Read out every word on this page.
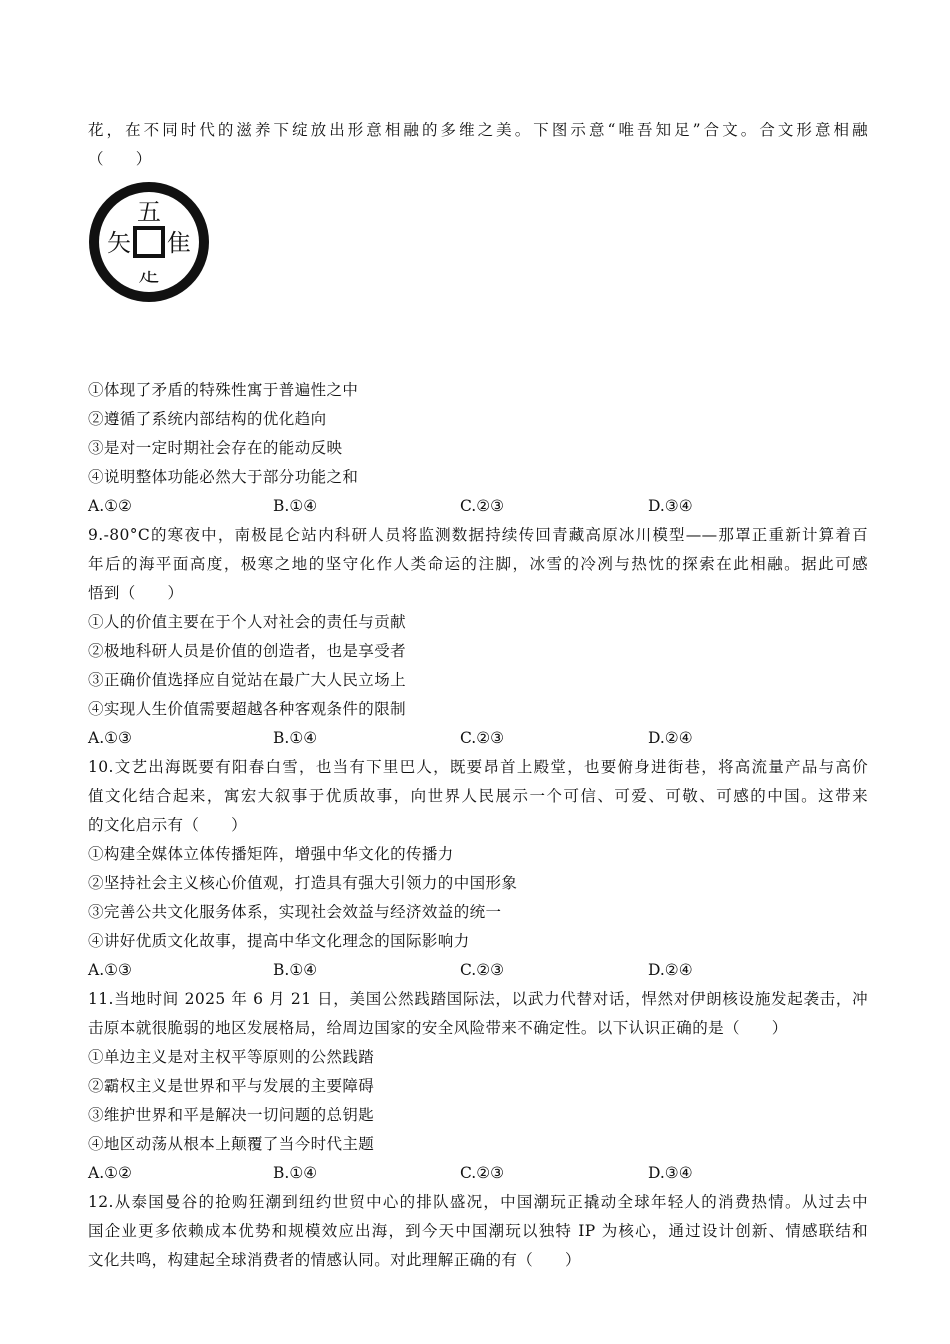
花，在不同时代的滋养下绽放出形意相融的多维之美。下图示意“唯吾知足”合文。合文形意相融
（　　）
五
隹
矢
龰
①体现了矛盾的特殊性寓于普遍性之中
②遵循了系统内部结构的优化趋向
③是对一定时期社会存在的能动反映
④说明整体功能必然大于部分功能之和
A.①②	B.①④	C.②③	D.③④
9.-80°C的寒夜中，南极昆仑站内科研人员将监测数据持续传回青藏高原冰川模型——那罩正重新计算着百
年后的海平面高度，极寒之地的坚守化作人类命运的注脚，冰雪的冷冽与热忱的探索在此相融。据此可感
悟到（　　）
①人的价值主要在于个人对社会的责任与贡献
②极地科研人员是价值的创造者，也是享受者
③正确价值选择应自觉站在最广大人民立场上
④实现人生价值需要超越各种客观条件的限制
A.①③	B.①④	C.②③	D.②④
10.文艺出海既要有阳春白雪，也当有下里巴人，既要昂首上殿堂，也要俯身进街巷，将高流量产品与高价
值文化结合起来，寓宏大叙事于优质故事，向世界人民展示一个可信、可爱、可敬、可感的中国。这带来
的文化启示有（　　）
①构建全媒体立体传播矩阵，增强中华文化的传播力
②坚持社会主义核心价值观，打造具有强大引领力的中国形象
③完善公共文化服务体系，实现社会效益与经济效益的统一
④讲好优质文化故事，提高中华文化理念的国际影响力
A.①③	B.①④	C.②③	D.②④
11.当地时间 2025 年 6 月 21 日，美国公然践踏国际法，以武力代替对话，悍然对伊朗核设施发起袭击，冲
击原本就很脆弱的地区发展格局，给周边国家的安全风险带来不确定性。以下认识正确的是（　　）
①单边主义是对主权平等原则的公然践踏
②霸权主义是世界和平与发展的主要障碍
③维护世界和平是解决一切问题的总钥匙
④地区动荡从根本上颠覆了当今时代主题
A.①②	B.①④	C.②③	D.③④
12.从泰国曼谷的抢购狂潮到纽约世贸中心的排队盛况，中国潮玩正撬动全球年轻人的消费热情。从过去中
国企业更多依赖成本优势和规模效应出海，到今天中国潮玩以独特 IP 为核心，通过设计创新、情感联结和
文化共鸣，构建起全球消费者的情感认同。对此理解正确的有（　　）
